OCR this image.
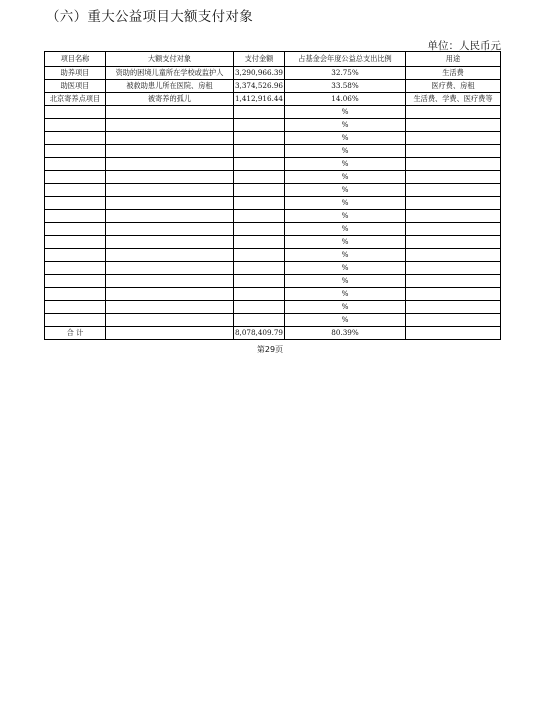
（六）重大公益项目大额支付对象
单位：人民币元
项目名称	大额支付对象	支付金额	占基金会年度公益总支出比例	用途
助养项目	资助的困境儿童所在学校或监护人	3,290,966.39	32.75%	生活费
助医项目	被救助患儿所在医院、房租	3,374,526.96	33.58%	医疗费、房租
北京寄养点项目	被寄养的孤儿	1,412,916.44	14.06%	生活费、学费、医疗费等
			%	
			%	
			%	
			%	
			%	
			%	
			%	
			%	
			%	
			%	
			%	
			%	
			%	
			%	
			%	
			%	
			%	
合 计		8,078,409.79	80.39%	
第29页
